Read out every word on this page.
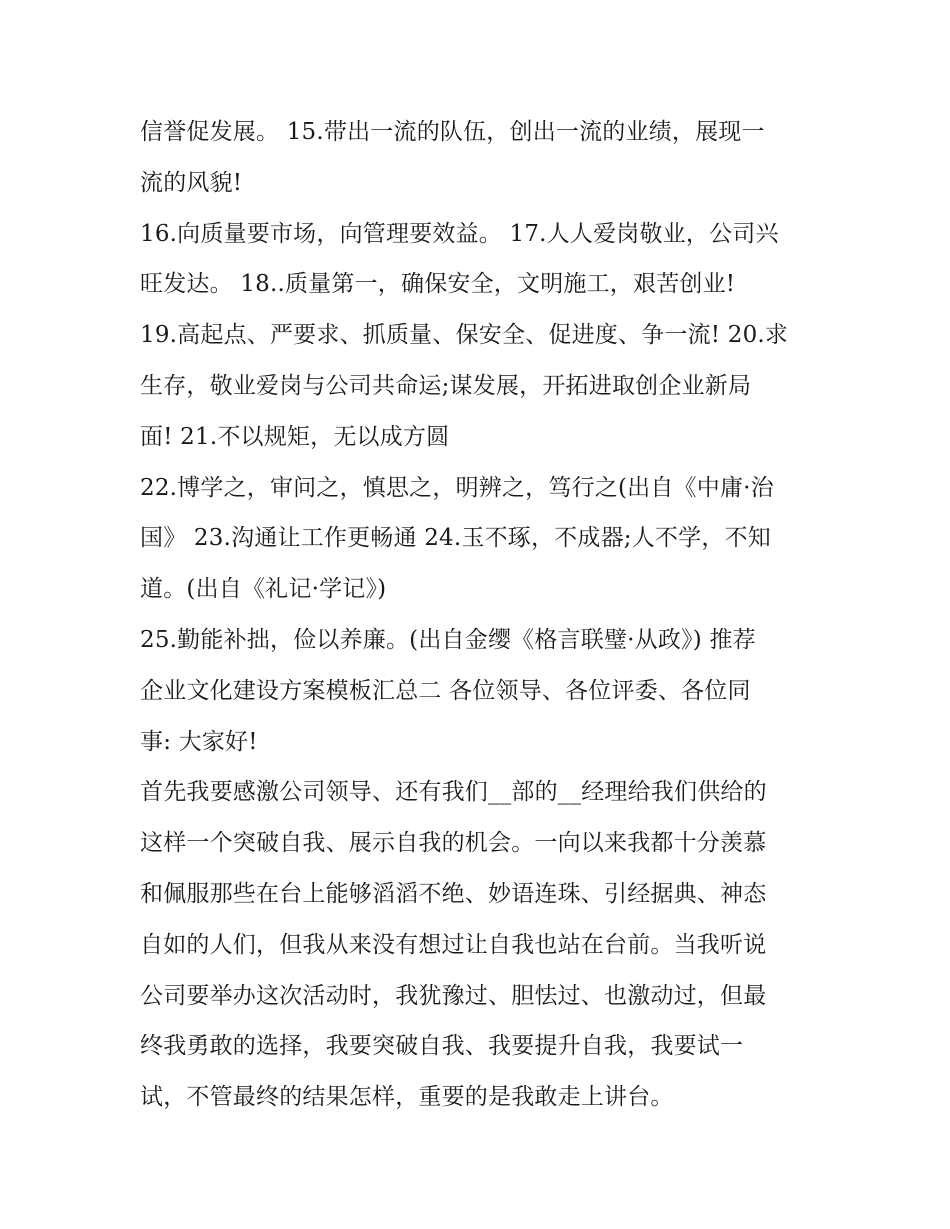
信誉促发展。 15.带出一流的队伍，创出一流的业绩，展现一
流的风貌!
16.向质量要市场，向管理要效益。 17.人人爱岗敬业，公司兴
旺发达。 18..质量第一，确保安全，文明施工，艰苦创业!
19.高起点、严要求、抓质量、保安全、促进度、争一流! 20.求
生存，敬业爱岗与公司共命运;谋发展，开拓进取创企业新局
面! 21.不以规矩，无以成方圆
22.博学之，审问之，慎思之，明辨之，笃行之(出自《中庸·治
国》 23.沟通让工作更畅通 24.玉不琢，不成器;人不学，不知
道。(出自《礼记·学记》)
25.勤能补拙，俭以养廉。(出自金缨《格言联璧·从政》) 推荐
企业文化建设方案模板汇总二 各位领导、各位评委、各位同
事: 大家好!
首先我要感激公司领导、还有我们__部的__经理给我们供给的
这样一个突破自我、展示自我的机会。一向以来我都十分羡慕
和佩服那些在台上能够滔滔不绝、妙语连珠、引经据典、神态
自如的人们，但我从来没有想过让自我也站在台前。当我听说
公司要举办这次活动时，我犹豫过、胆怯过、也激动过，但最
终我勇敢的选择，我要突破自我、我要提升自我，我要试一
试，不管最终的结果怎样，重要的是我敢走上讲台。
